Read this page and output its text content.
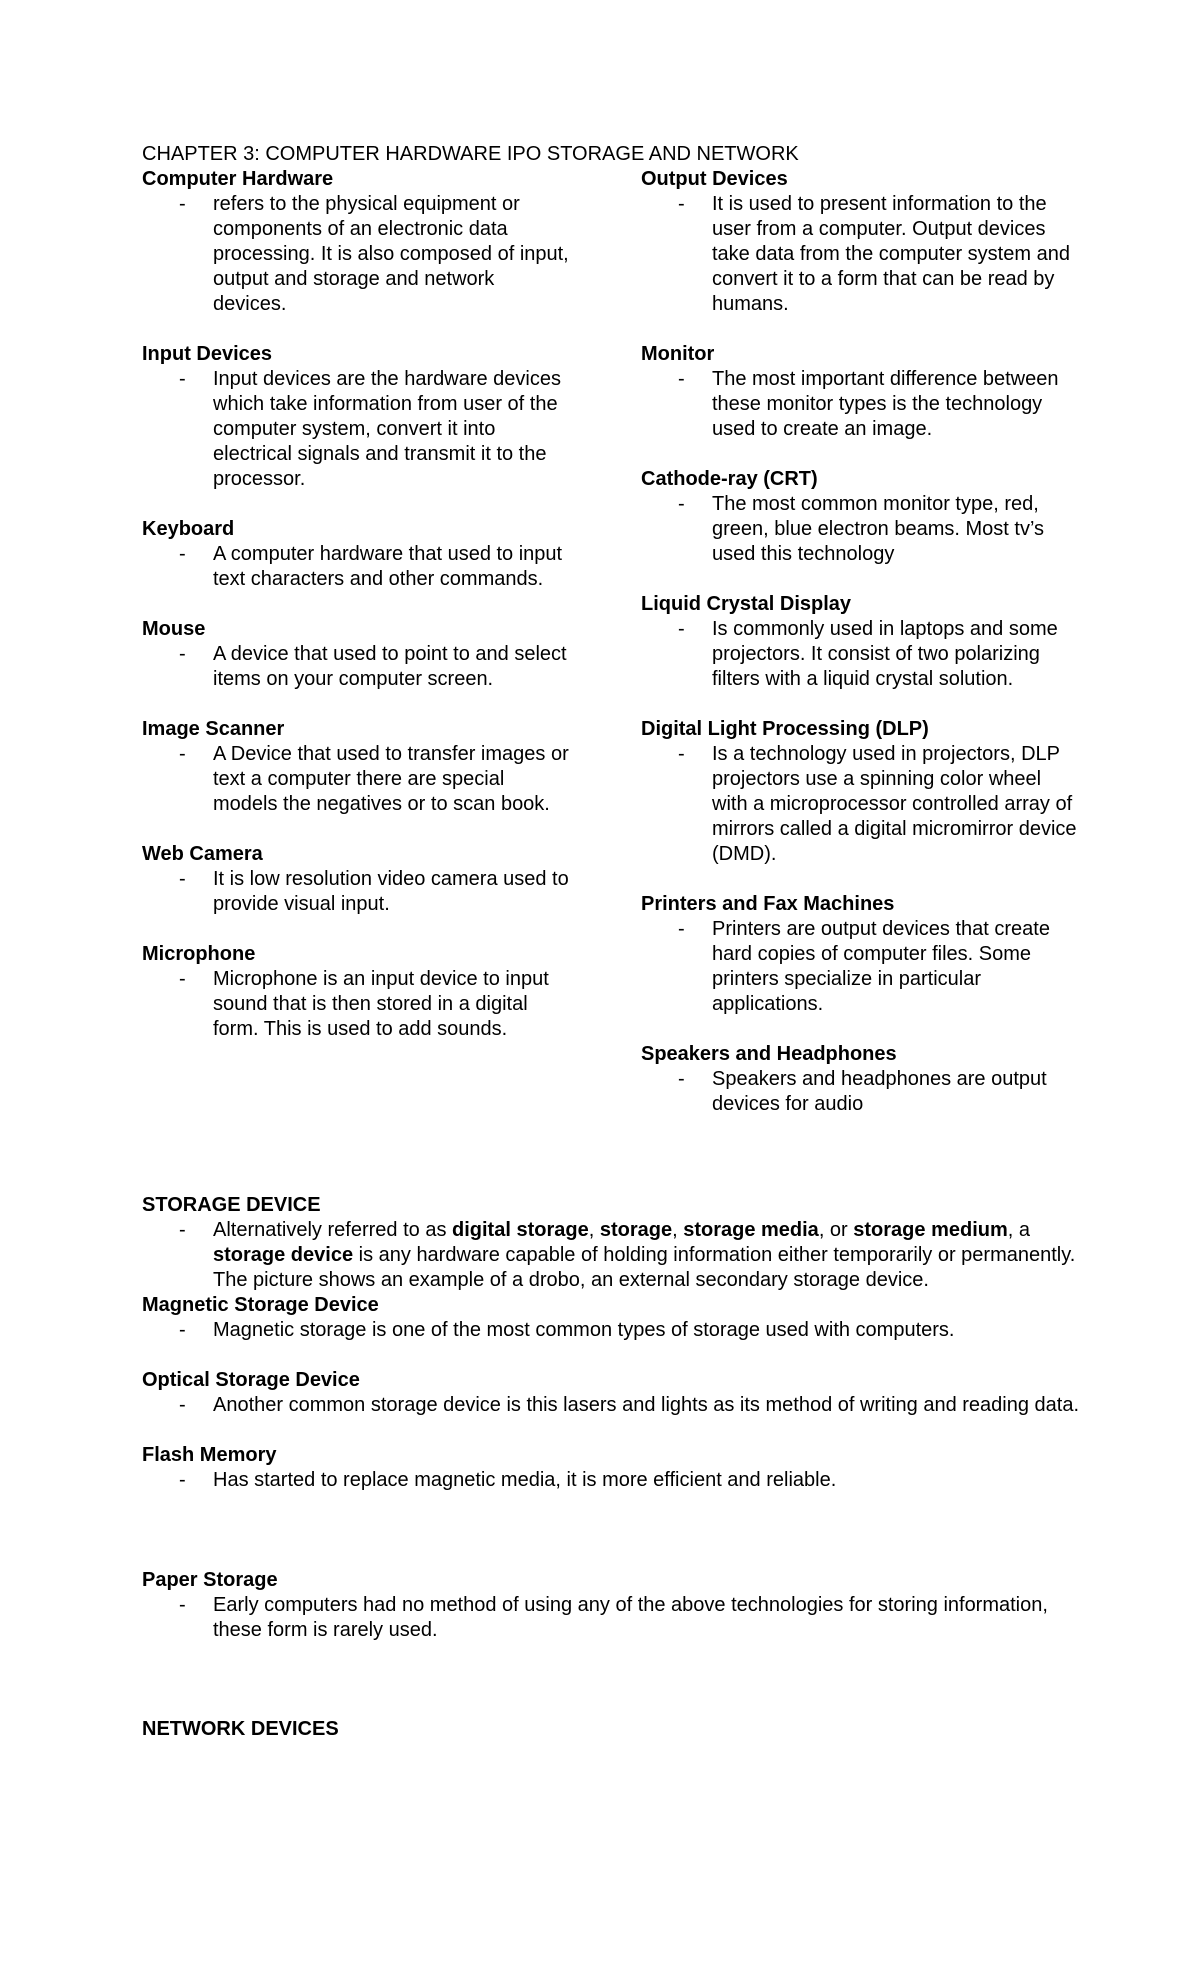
CHAPTER 3: COMPUTER HARDWARE IPO STORAGE AND NETWORK

Computer Hardware

- refers to the physical equipment or components of an electronic data processing. It is also composed of input, output and storage and network devices.

Input Devices

- Input devices are the hardware devices which take information from user of the computer system, convert it into electrical signals and transmit it to the processor.

Keyboard

- A computer hardware that used to input text characters and other commands.

Mouse

- A device that used to point to and select items on your computer screen.

Image Scanner

- A Device that used to transfer images or text a computer there are special models the negatives or to scan book.

Web Camera

- It is low resolution video camera used to provide visual input.

Microphone

- Microphone is an input device to input sound that is then stored in a digital form. This is used to add sounds.

Output Devices

- It is used to present information to the user from a computer. Output devices take data from the computer system and convert it to a form that can be read by humans.

Monitor

- The most important difference between these monitor types is the technology used to create an image.

Cathode-ray (CRT)

- The most common monitor type, red, green, blue electron beams. Most tv’s used this technology

Liquid Crystal Display

- Is commonly used in laptops and some projectors. It consist of two polarizing filters with a liquid crystal solution.

Digital Light Processing (DLP)

- Is a technology used in projectors, DLP projectors use a spinning color wheel with a microprocessor controlled array of mirrors called a digital micromirror device (DMD).

Printers and Fax Machines

- Printers are output devices that create hard copies of computer files. Some printers specialize in particular applications.

Speakers and Headphones

- Speakers and headphones are output devices for audio

STORAGE DEVICE

- Alternatively referred to as digital storage, storage, storage media, or storage medium, a storage device is any hardware capable of holding information either temporarily or permanently. The picture shows an example of a drobo, an external secondary storage device.

Magnetic Storage Device

- Magnetic storage is one of the most common types of storage used with computers.

Optical Storage Device

- Another common storage device is this lasers and lights as its method of writing and reading data.

Flash Memory

- Has started to replace magnetic media, it is more efficient and reliable.

Paper Storage

- Early computers had no method of using any of the above technologies for storing information, these form is rarely used.

NETWORK DEVICES
